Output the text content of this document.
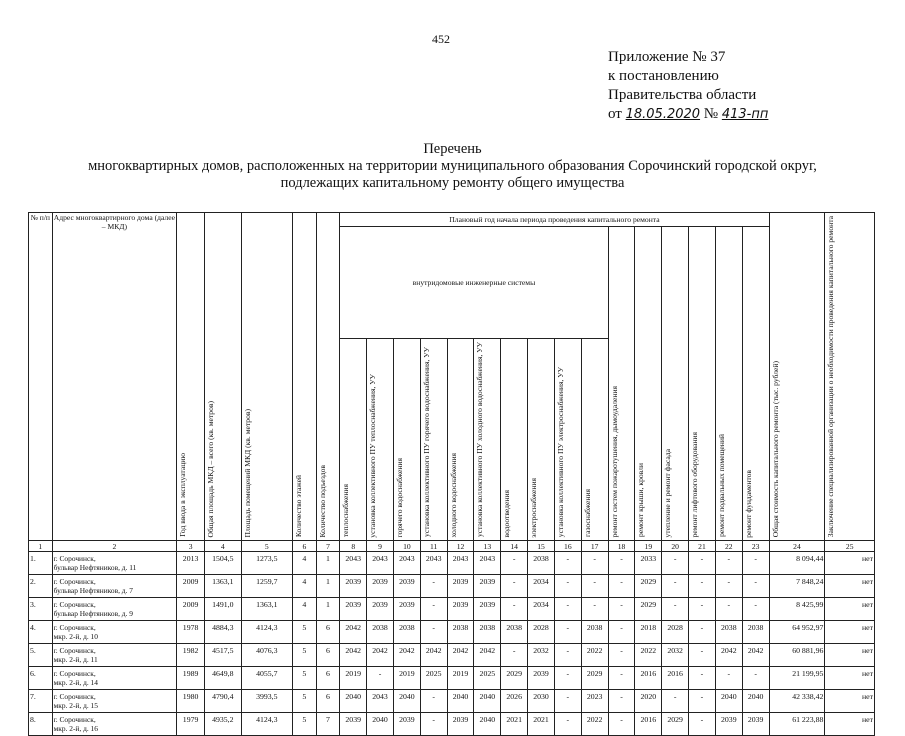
452
Приложение № 37
к постановлению
Правительства области
от 18.05.2020 № 413-пп
Перечень
многоквартирных домов, расположенных на территории муниципального образования Сорочинский городской округ,
подлежащих капитальному ремонту общего имущества
№ п/п	Адрес многоквартирного дома (далее – МКД)	Год ввода в эксплуатацию	Общая площадь МКД – всего (кв. метров)	Площадь помещений МКД (кв. метров)	Количество этажей	Количество подъездов	Плановый год начала периода проведения капитального ремонта																Общая стоимость капитального ремонта (тыс. рублей)	Заключение специализированной организации о необходимости проведения капитального ремонта

							внутридомовые инженерные системы										ремонт систем пожаротушения, дымоудаления	ремонт крыши, кровли	утепление и ремонт фасада	ремонт лифтового оборудования	ремонт подвальных помещений	ремонт фундаментов		

							теплоснабжения	установка коллективного ПУ теплоснабжения, УУ	горячего водоснабжения	установка коллективного ПУ горячего водоснабжения, УУ	холодного водоснабжения	установка коллективного ПУ холодного водоснабжения, УУ	водоотведения	электроснабжения	установка коллективного ПУ электроснабжения, УУ	газоснабжения								

1	2	3	4	5	6	7	8	9	10	11	12	13	14	15	16	17	18	19	20	21	22	23	24	25
1.	г. Сорочинск,
бульвар Нефтяников, д. 11	2013	1504,5	1273,5	4	1	2043	2043	2043	2043	2043	2043	-	2038	-	-	-	2033	-	-	-	-	8 094,44	нет
2.	г. Сорочинск,
бульвар Нефтяников, д. 7	2009	1363,1	1259,7	4	1	2039	2039	2039	-	2039	2039	-	2034	-	-	-	2029	-	-	-	-	7 848,24	нет
3.	г. Сорочинск,
бульвар Нефтяников, д. 9	2009	1491,0	1363,1	4	1	2039	2039	2039	-	2039	2039	-	2034	-	-	-	2029	-	-	-	-	8 425,99	нет
4.	г. Сорочинск,
мкр. 2-й, д. 10	1978	4884,3	4124,3	5	6	2042	2038	2038	-	2038	2038	2038	2028	-	2038	-	2018	2028	-	2038	2038	64 952,97	нет
5.	г. Сорочинск,
мкр. 2-й, д. 11	1982	4517,5	4076,3	5	6	2042	2042	2042	2042	2042	2042	-	2032	-	2022	-	2022	2032	-	2042	2042	60 881,96	нет
6.	г. Сорочинск,
мкр. 2-й, д. 14	1989	4649,8	4055,7	5	6	2019	-	2019	2025	2019	2025	2029	2039	-	2029	-	2016	2016	-	-	-	21 199,95	нет
7.	г. Сорочинск,
мкр. 2-й, д. 15	1980	4790,4	3993,5	5	6	2040	2043	2040	-	2040	2040	2026	2030	-	2023	-	2020	-	-	2040	2040	42 338,42	нет
8.	г. Сорочинск,
мкр. 2-й, д. 16	1979	4935,2	4124,3	5	7	2039	2040	2039	-	2039	2040	2021	2021	-	2022	-	2016	2029	-	2039	2039	61 223,88	нет
